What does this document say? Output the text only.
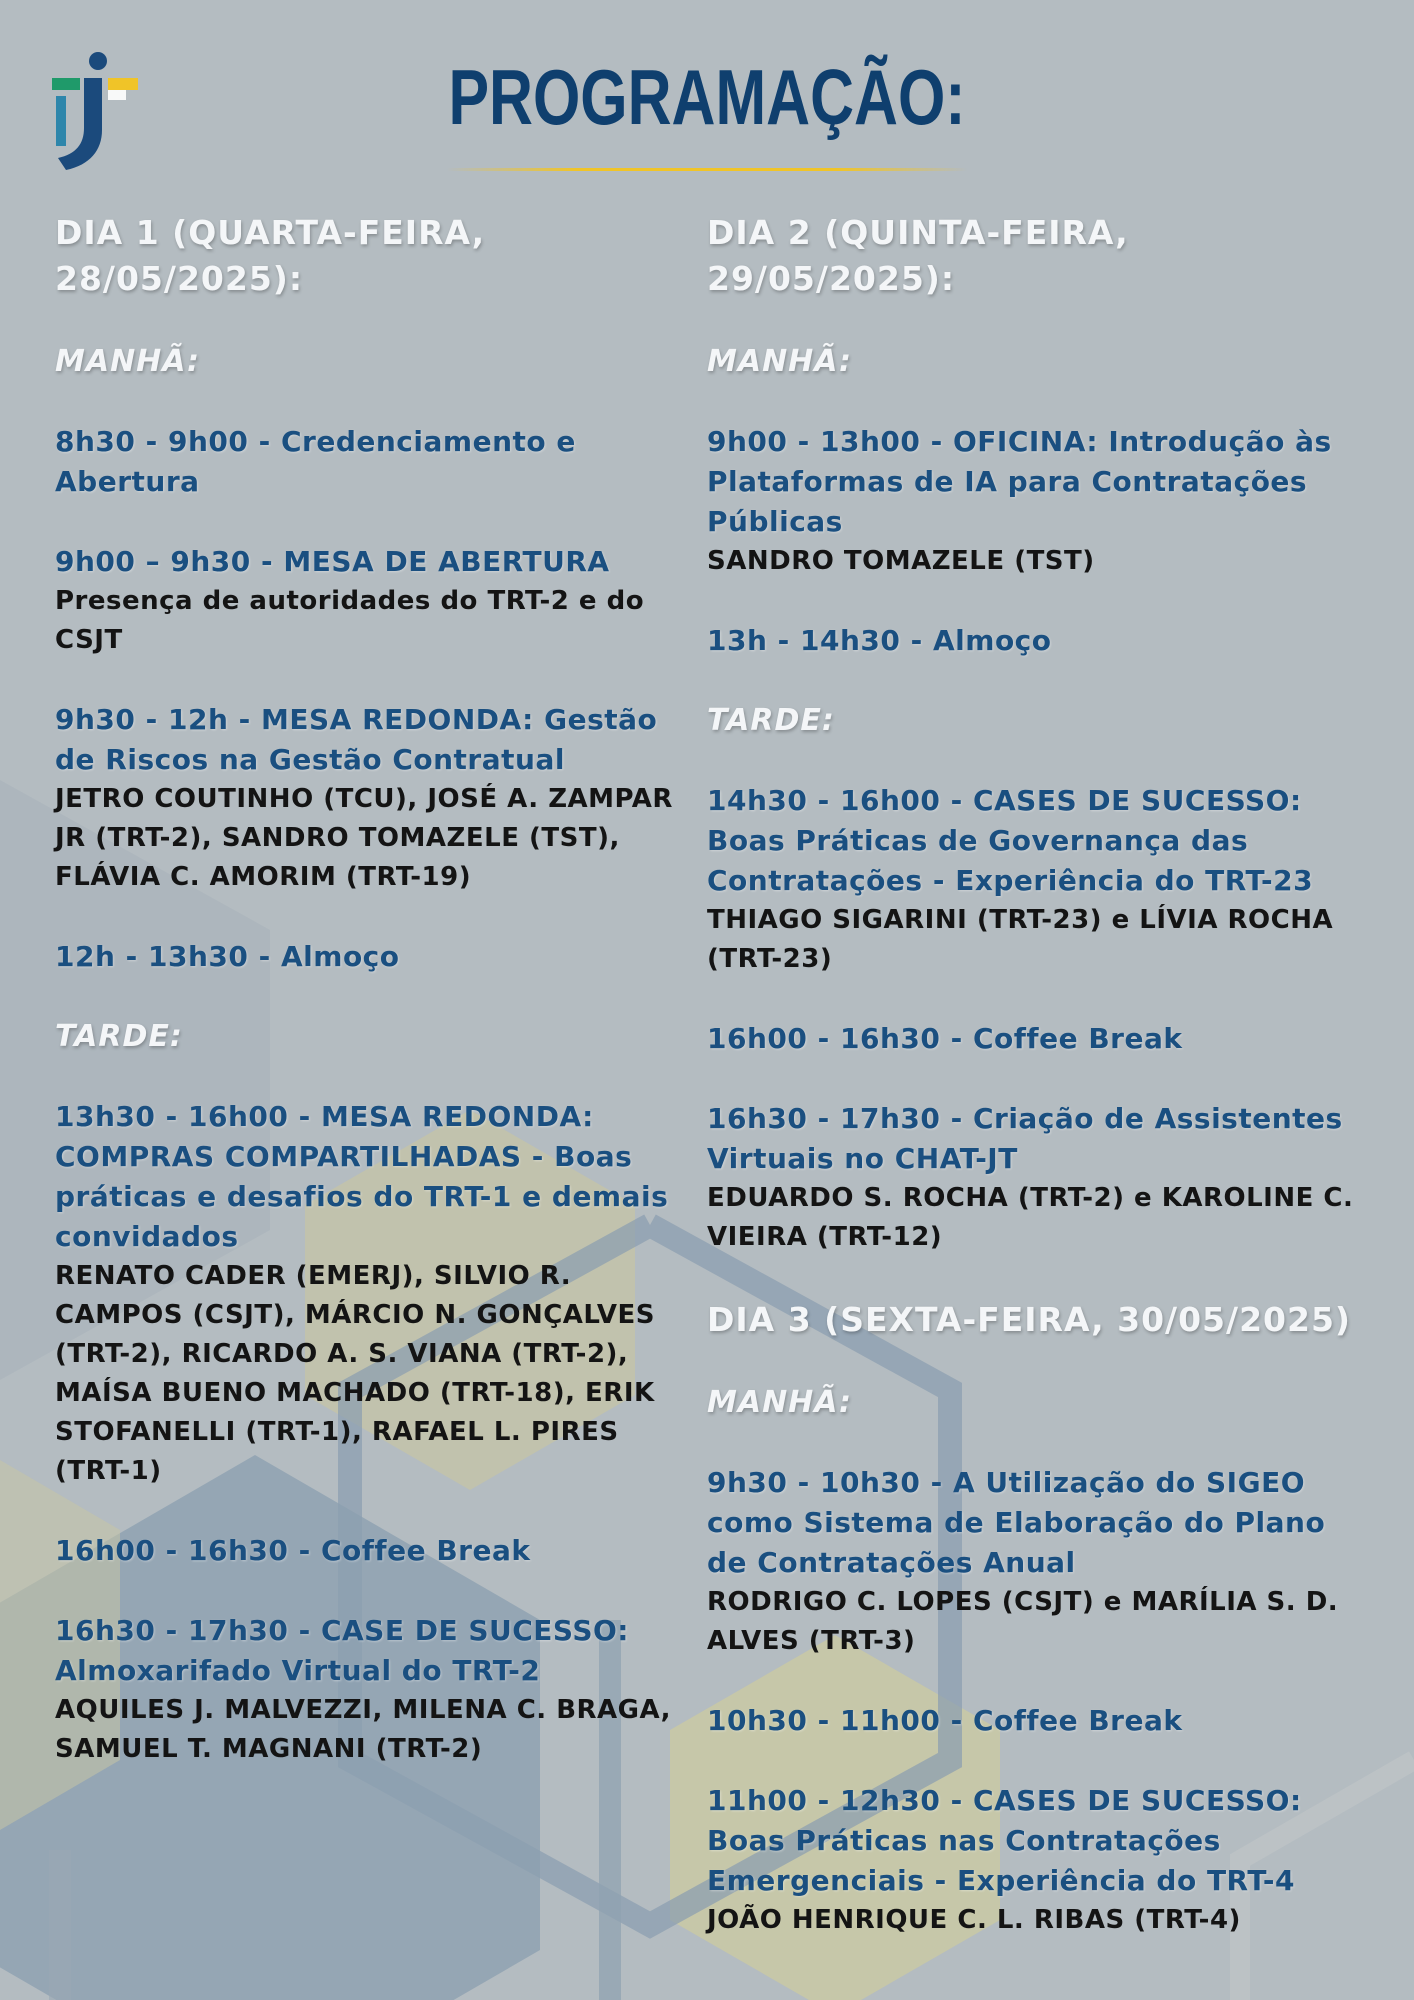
PROGRAMAÇÃO:
DIA 1 (QUARTA-FEIRA, 28/05/2025):
MANHÃ:
8h30 - 9h00 - Credenciamento e Abertura
9h00 – 9h30 - MESA DE ABERTURA
Presença de autoridades do TRT-2 e do CSJT
9h30 - 12h - MESA REDONDA: Gestão de Riscos na Gestão Contratual
JETRO COUTINHO (TCU), JOSÉ A. ZAMPAR JR (TRT-2), SANDRO TOMAZELE (TST), FLÁVIA C. AMORIM (TRT-19)
12h - 13h30 - Almoço
TARDE:
13h30 - 16h00 - MESA REDONDA: COMPRAS COMPARTILHADAS - Boas práticas e desafios do TRT-1 e demais convidados
RENATO CADER (EMERJ), SILVIO R. CAMPOS (CSJT), MÁRCIO N. GONÇALVES (TRT-2), RICARDO A. S. VIANA (TRT-2), MAÍSA BUENO MACHADO (TRT-18), ERIK STOFANELLI (TRT-1), RAFAEL L. PIRES (TRT-1)
16h00 - 16h30 - Coffee Break
16h30 - 17h30 - CASE DE SUCESSO: Almoxarifado Virtual do TRT-2
AQUILES J. MALVEZZI, MILENA C. BRAGA, SAMUEL T. MAGNANI (TRT-2)
DIA 2 (QUINTA-FEIRA, 29/05/2025):
MANHÃ:
9h00 - 13h00 - OFICINA: Introdução às Plataformas de IA para Contratações Públicas
SANDRO TOMAZELE (TST)
13h - 14h30 - Almoço
TARDE:
14h30 - 16h00 - CASES DE SUCESSO: Boas Práticas de Governança das Contratações - Experiência do TRT-23
THIAGO SIGARINI (TRT-23) e LÍVIA ROCHA (TRT-23)
16h00 - 16h30 - Coffee Break
16h30 - 17h30 - Criação de Assistentes Virtuais no CHAT-JT
EDUARDO S. ROCHA (TRT-2) e KAROLINE C. VIEIRA (TRT-12)
DIA 3 (SEXTA-FEIRA, 30/05/2025)
MANHÃ:
9h30 - 10h30 - A Utilização do SIGEO como Sistema de Elaboração do Plano de Contratações Anual
RODRIGO C. LOPES (CSJT) e MARÍLIA S. D. ALVES (TRT-3)
10h30 - 11h00 - Coffee Break
11h00 - 12h30 - CASES DE SUCESSO: Boas Práticas nas Contratações Emergenciais - Experiência do TRT-4
JOÃO HENRIQUE C. L. RIBAS (TRT-4)
